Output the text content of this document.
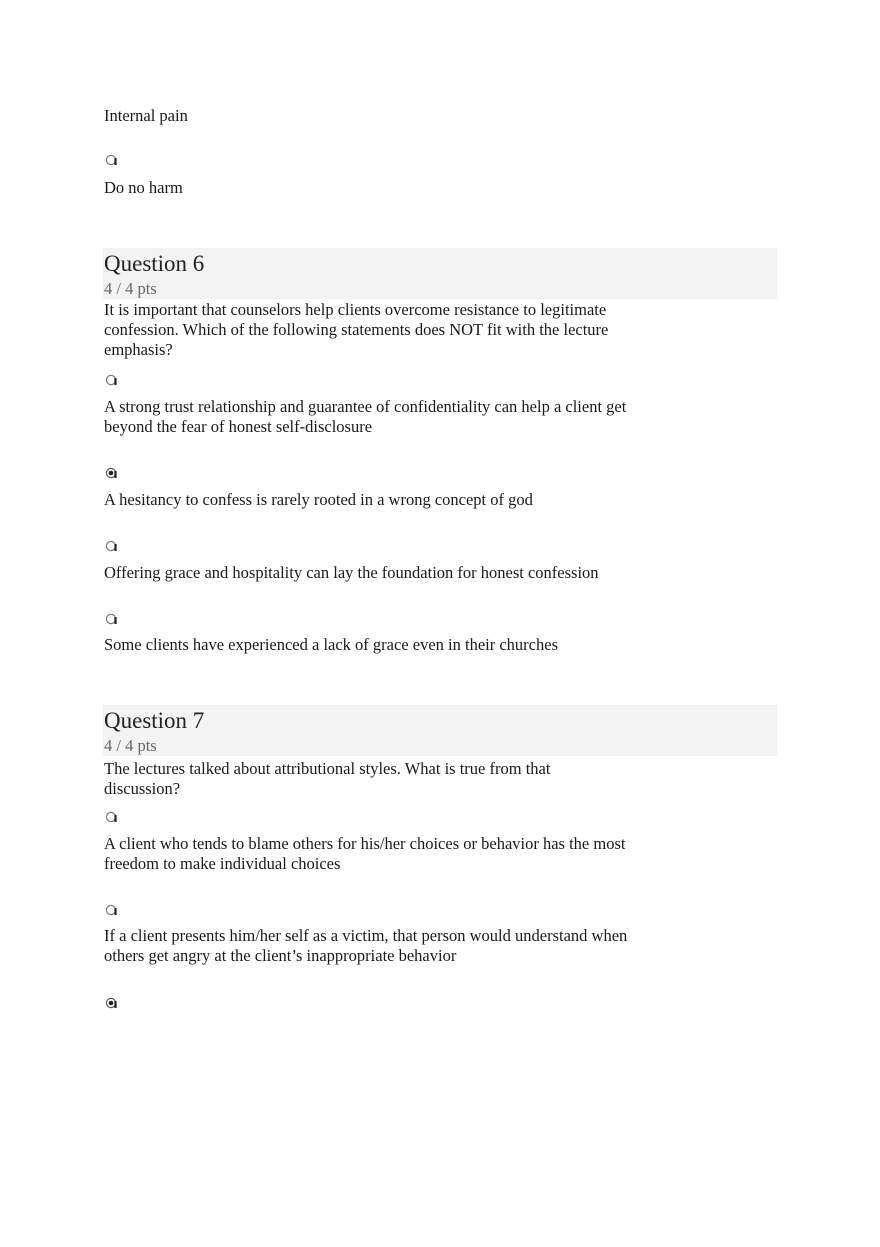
Internal pain
Do no harm
Question 6
4 / 4 pts
It is important that counselors help clients overcome resistance to legitimate confession. Which of the following statements does NOT fit with the lecture emphasis?
A strong trust relationship and guarantee of confidentiality can help a client get beyond the fear of honest self-disclosure
A hesitancy to confess is rarely rooted in a wrong concept of god
Offering grace and hospitality can lay the foundation for honest confession
Some clients have experienced a lack of grace even in their churches
Question 7
4 / 4 pts
The lectures talked about attributional styles. What is true from that discussion?
A client who tends to blame others for his/her choices or behavior has the most freedom to make individual choices
If a client presents him/her self as a victim, that person would understand when others get angry at the client’s inappropriate behavior
